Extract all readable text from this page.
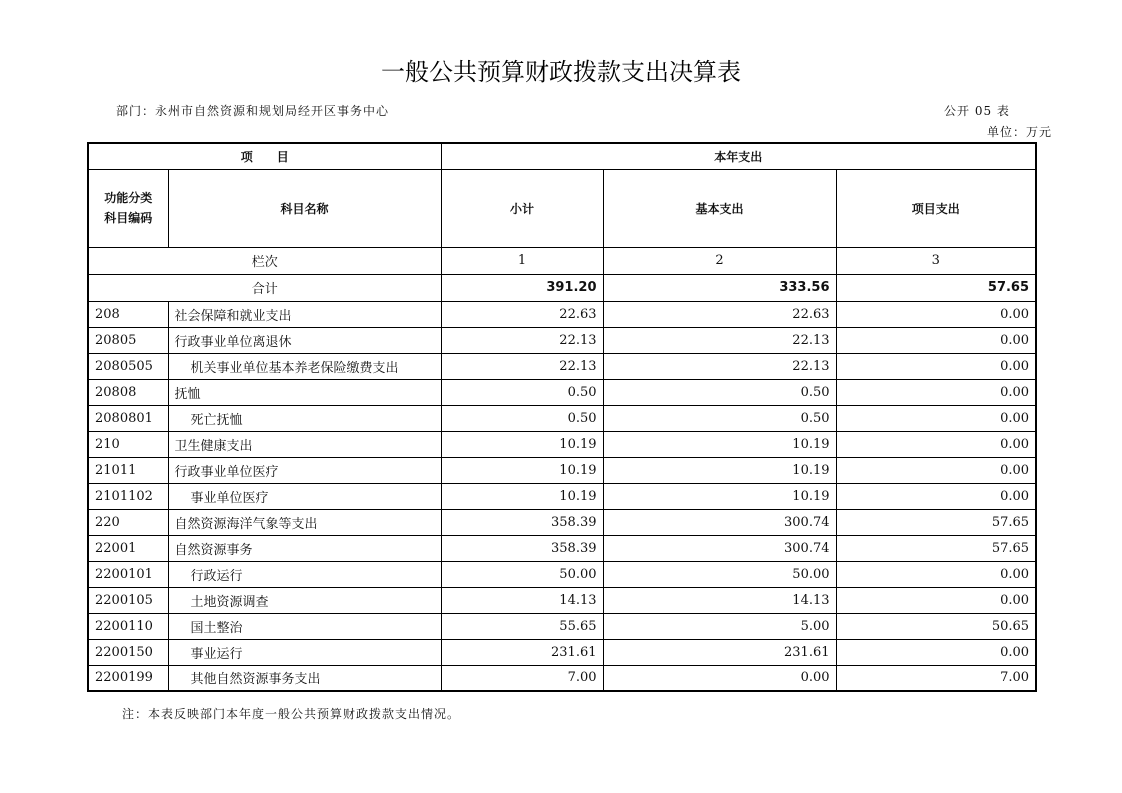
一般公共预算财政拨款支出决算表
部门：永州市自然资源和规划局经开区事务中心	公开 05 表
单位：万元
项　　目		本年支出		
功能分类
科目编码	科目名称	小计	基本支出	项目支出
栏次		1	2	3
合计		391.20	333.56	57.65
208	社会保障和就业支出	22.63	22.63	0.00
20805	行政事业单位离退休	22.13	22.13	0.00
2080505	机关事业单位基本养老保险缴费支出	22.13	22.13	0.00
20808	抚恤	0.50	0.50	0.00
2080801	死亡抚恤	0.50	0.50	0.00
210	卫生健康支出	10.19	10.19	0.00
21011	行政事业单位医疗	10.19	10.19	0.00
2101102	事业单位医疗	10.19	10.19	0.00
220	自然资源海洋气象等支出	358.39	300.74	57.65
22001	自然资源事务	358.39	300.74	57.65
2200101	行政运行	50.00	50.00	0.00
2200105	土地资源调查	14.13	14.13	0.00
2200110	国土整治	55.65	5.00	50.65
2200150	事业运行	231.61	231.61	0.00
2200199	其他自然资源事务支出	7.00	0.00	7.00
注：本表反映部门本年度一般公共预算财政拨款支出情况。
